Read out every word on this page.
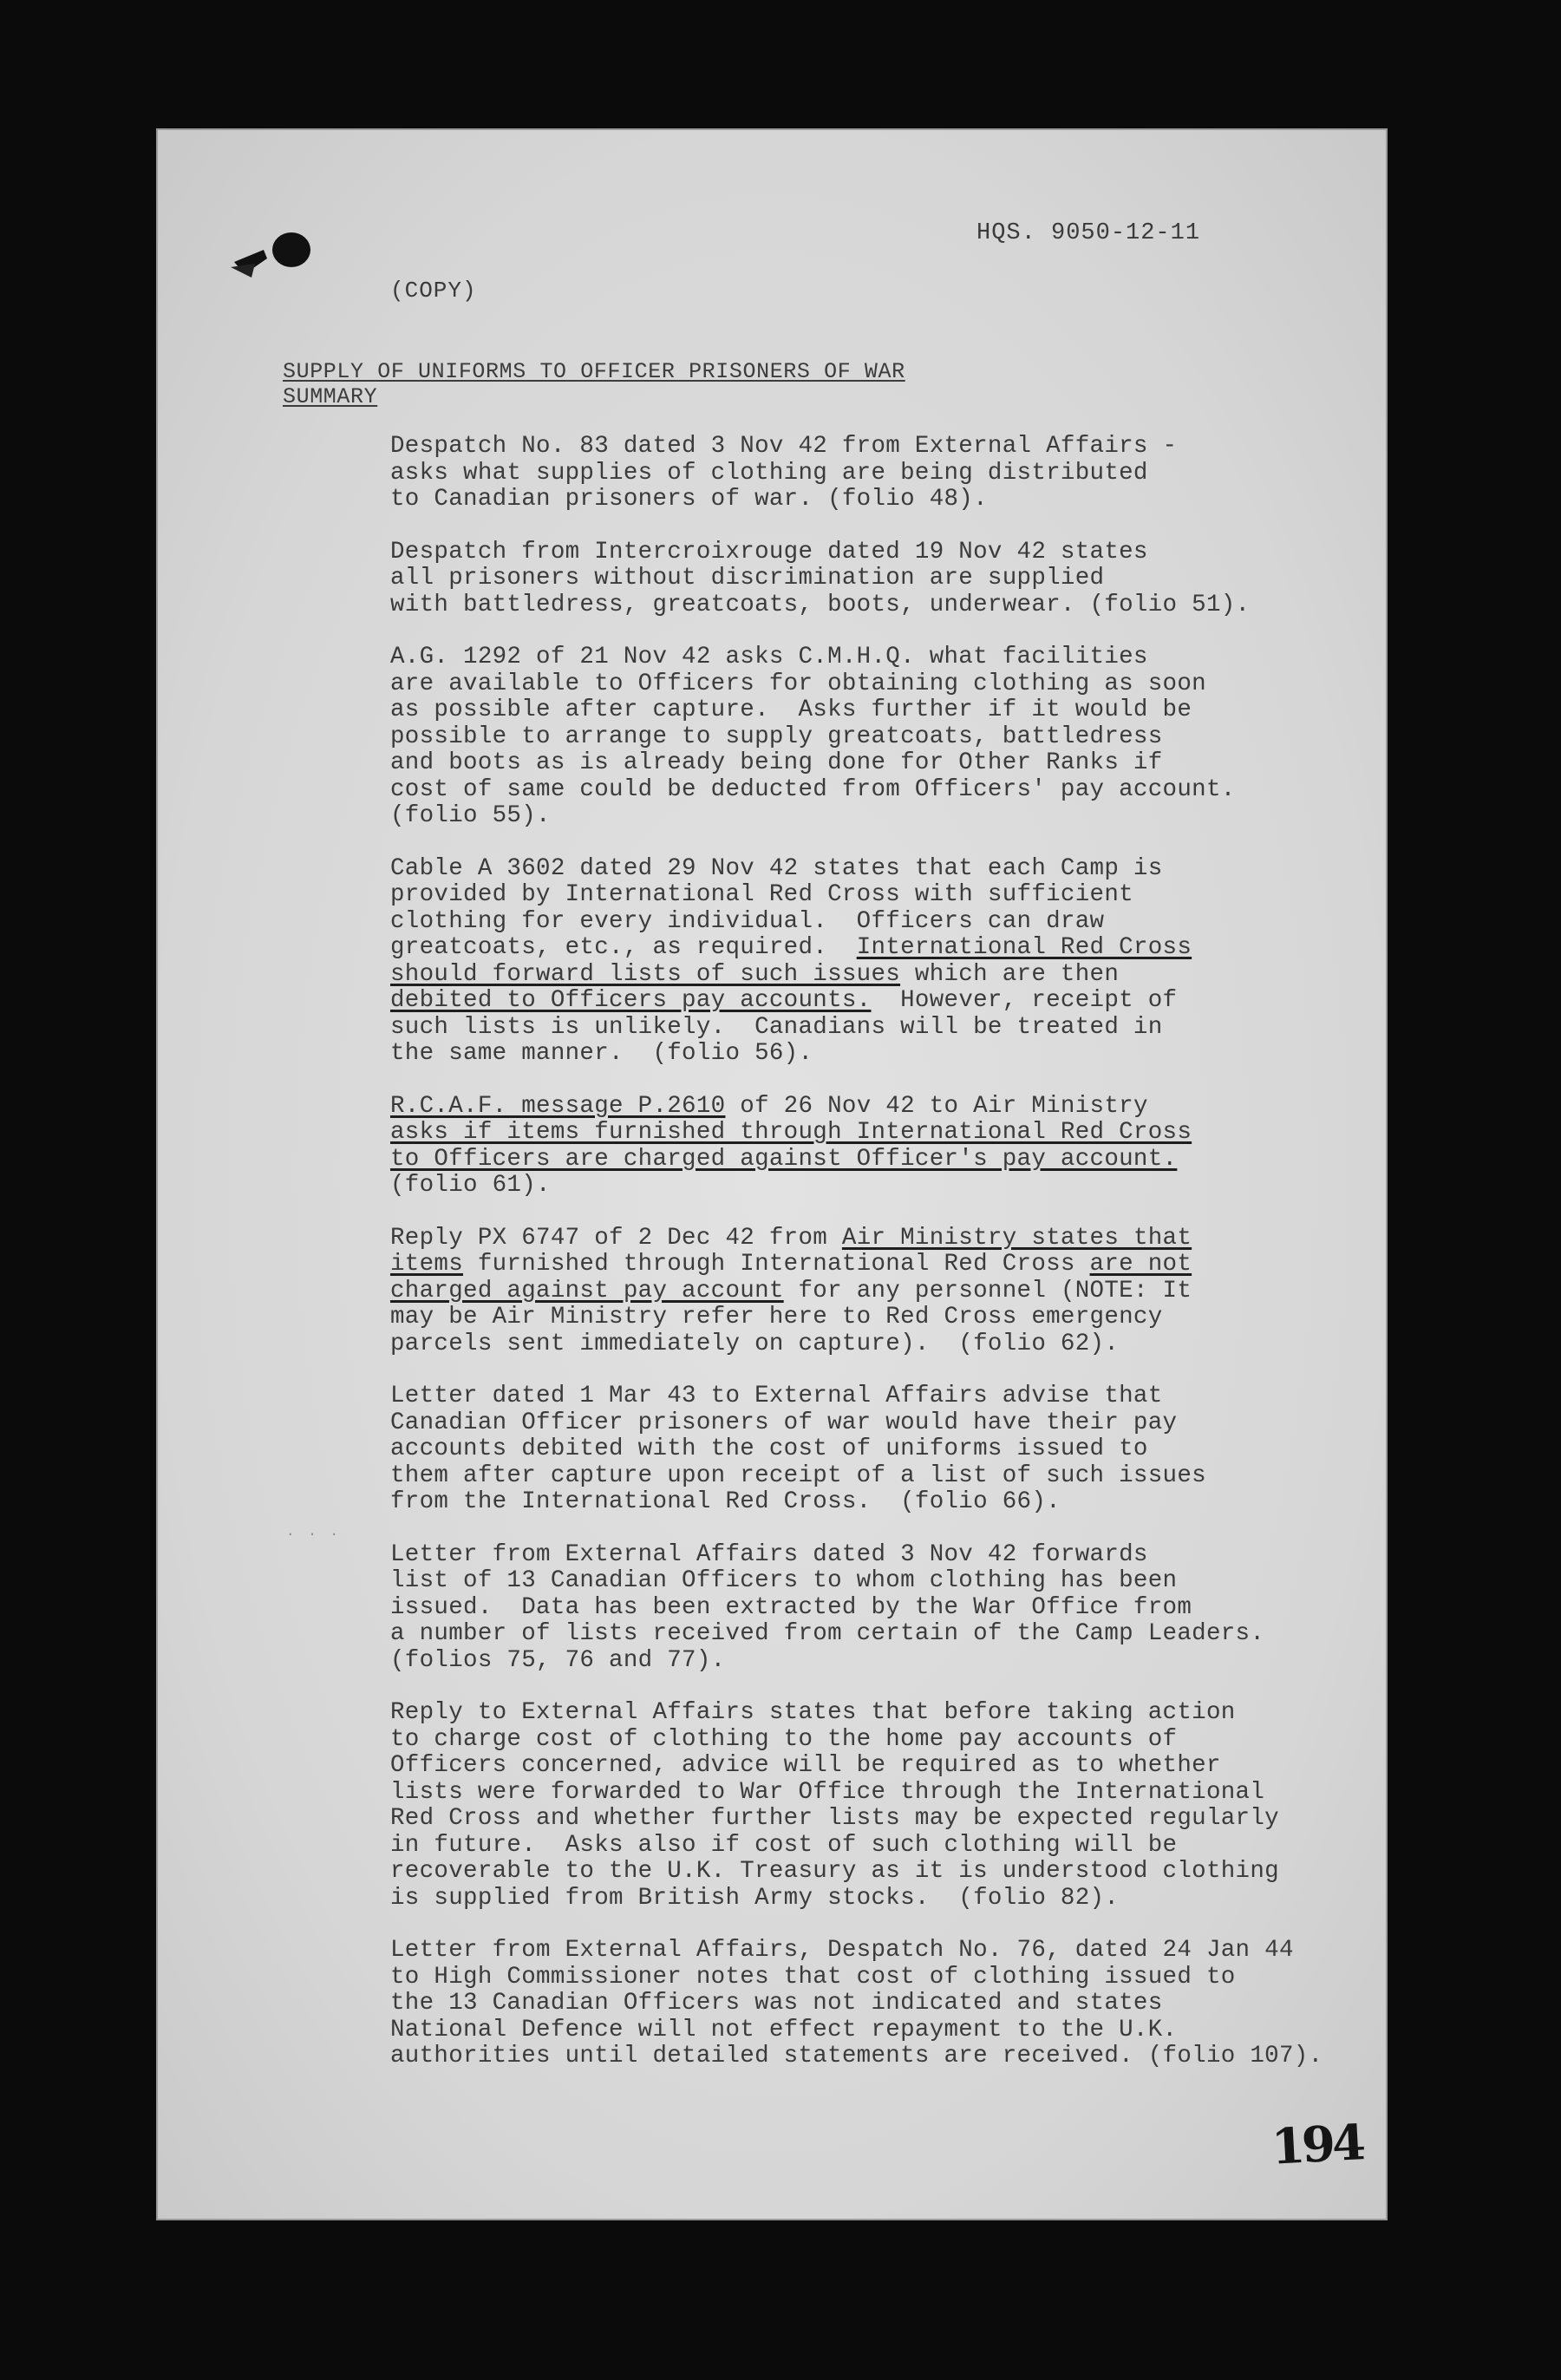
HQS. 9050-12-11
(COPY)
SUPPLY OF UNIFORMS TO OFFICER PRISONERS OF WAR
SUMMARY
Despatch No. 83 dated 3 Nov 42 from External Affairs -
asks what supplies of clothing are being distributed
to Canadian prisoners of war. (folio 48).
Despatch from Intercroixrouge dated 19 Nov 42 states
all prisoners without discrimination are supplied
with battledress, greatcoats, boots, underwear. (folio 51).
A.G. 1292 of 21 Nov 42 asks C.M.H.Q. what facilities
are available to Officers for obtaining clothing as soon
as possible after capture.  Asks further if it would be
possible to arrange to supply greatcoats, battledress
and boots as is already being done for Other Ranks if
cost of same could be deducted from Officers' pay account.
(folio 55).
Cable A 3602 dated 29 Nov 42 states that each Camp is
provided by International Red Cross with sufficient
clothing for every individual.  Officers can draw
greatcoats, etc., as required.  International Red Cross
should forward lists of such issues which are then
debited to Officers pay accounts.  However, receipt of
such lists is unlikely.  Canadians will be treated in
the same manner.  (folio 56).
R.C.A.F. message P.2610 of 26 Nov 42 to Air Ministry
asks if items furnished through International Red Cross
to Officers are charged against Officer's pay account.
(folio 61).
Reply PX 6747 of 2 Dec 42 from Air Ministry states that
items furnished through International Red Cross are not
charged against pay account for any personnel (NOTE: It
may be Air Ministry refer here to Red Cross emergency
parcels sent immediately on capture).  (folio 62).
Letter dated 1 Mar 43 to External Affairs advise that
Canadian Officer prisoners of war would have their pay
accounts debited with the cost of uniforms issued to
them after capture upon receipt of a list of such issues
from the International Red Cross.  (folio 66).
Letter from External Affairs dated 3 Nov 42 forwards
list of 13 Canadian Officers to whom clothing has been
issued.  Data has been extracted by the War Office from
a number of lists received from certain of the Camp Leaders.
(folios 75, 76 and 77).
Reply to External Affairs states that before taking action
to charge cost of clothing to the home pay accounts of
Officers concerned, advice will be required as to whether
lists were forwarded to War Office through the International
Red Cross and whether further lists may be expected regularly
in future.  Asks also if cost of such clothing will be
recoverable to the U.K. Treasury as it is understood clothing
is supplied from British Army stocks.  (folio 82).
Letter from External Affairs, Despatch No. 76, dated 24 Jan 44
to High Commissioner notes that cost of clothing issued to
the 13 Canadian Officers was not indicated and states
National Defence will not effect repayment to the U.K.
authorities until detailed statements are received. (folio 107).
· · ·
194
